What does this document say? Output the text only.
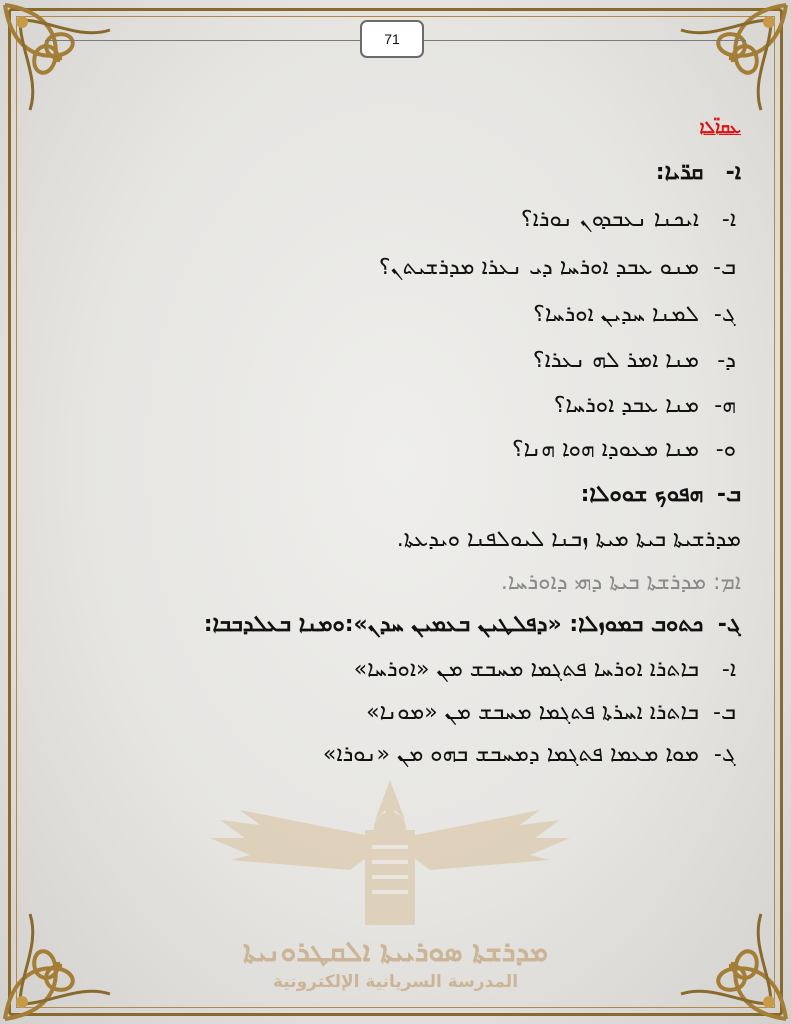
71
ܥܩܐ̈ܠܐ
ܐ- ܩܪ̈ܝܐ:
ܐ- ܐܝܟܢܐ ܢܥܒܕܘܢ ܢܘܪܐ؟
ܒ- ܡܢܘ ܥܒܕ ܐܘܪܚܐ ܕܝ ܢܥܪܐ ܡܕܪܫܝܬܢ؟
ܓ- ܠܡܢܐ ܚܕܝܢ ܐܘܪܚܐ؟
ܕ- ܡܢܐ ܐܡܪ ܠܗ ܢܥܪܐ؟
ܗ- ܡܢܐ ܥܒܕ ܐܘܪܚܐ؟
ܘ- ܡܢܐ ܡܥܘܕܐ ܗܘܐ ܗܢܐ؟
ܒ- ܗܦܘܟ ܫܘܘܠܐ:
ܡܕܪܫܝܬܐ ܒܝܬܐ ܡܝܬܐ ܙܒܢܐ ܠܝܘܠܦܢܐ ܘܝܕܥܬܐ.
ܐܡ: ܡܕܪܫܬܐ ܒܝܬܐ ܕܗܝ ܕܐܘܪܚܐ.
ܓ- ܟܬܘܒ ܒܡܘܙܠܐ: «ܕܦܠܛܝܢ ܒܥܡܝܢ ܚܕܢ»:ܘܡܢܐ ܒܥܠܕܒܒܐ:
ܐ- ܒܐܬܪܐ ܐܘܪܚܐ ܦܬܓܡܐ ܡܚܒܫ ܡܢ «ܐܘܪܚܐ»
ܒ- ܒܐܬܪܐ ܐܚܪܬܐ ܦܬܓܡܐ ܡܚܒܫ ܡܢ «ܡܘܢܐ»
ܓ- ܡܘܐ ܡܥܡܐ ܦܬܓܡܐ ܕܡܚܒܫ ܒܗܘ ܡܢ «ܢܘܪܐ»
ܡܕܪܫܬܐ ܣܘܪܝܝܬܐ ܐܠܩܛܪܘܢܝܬܐ
المدرسة السريانية الإلكترونية
